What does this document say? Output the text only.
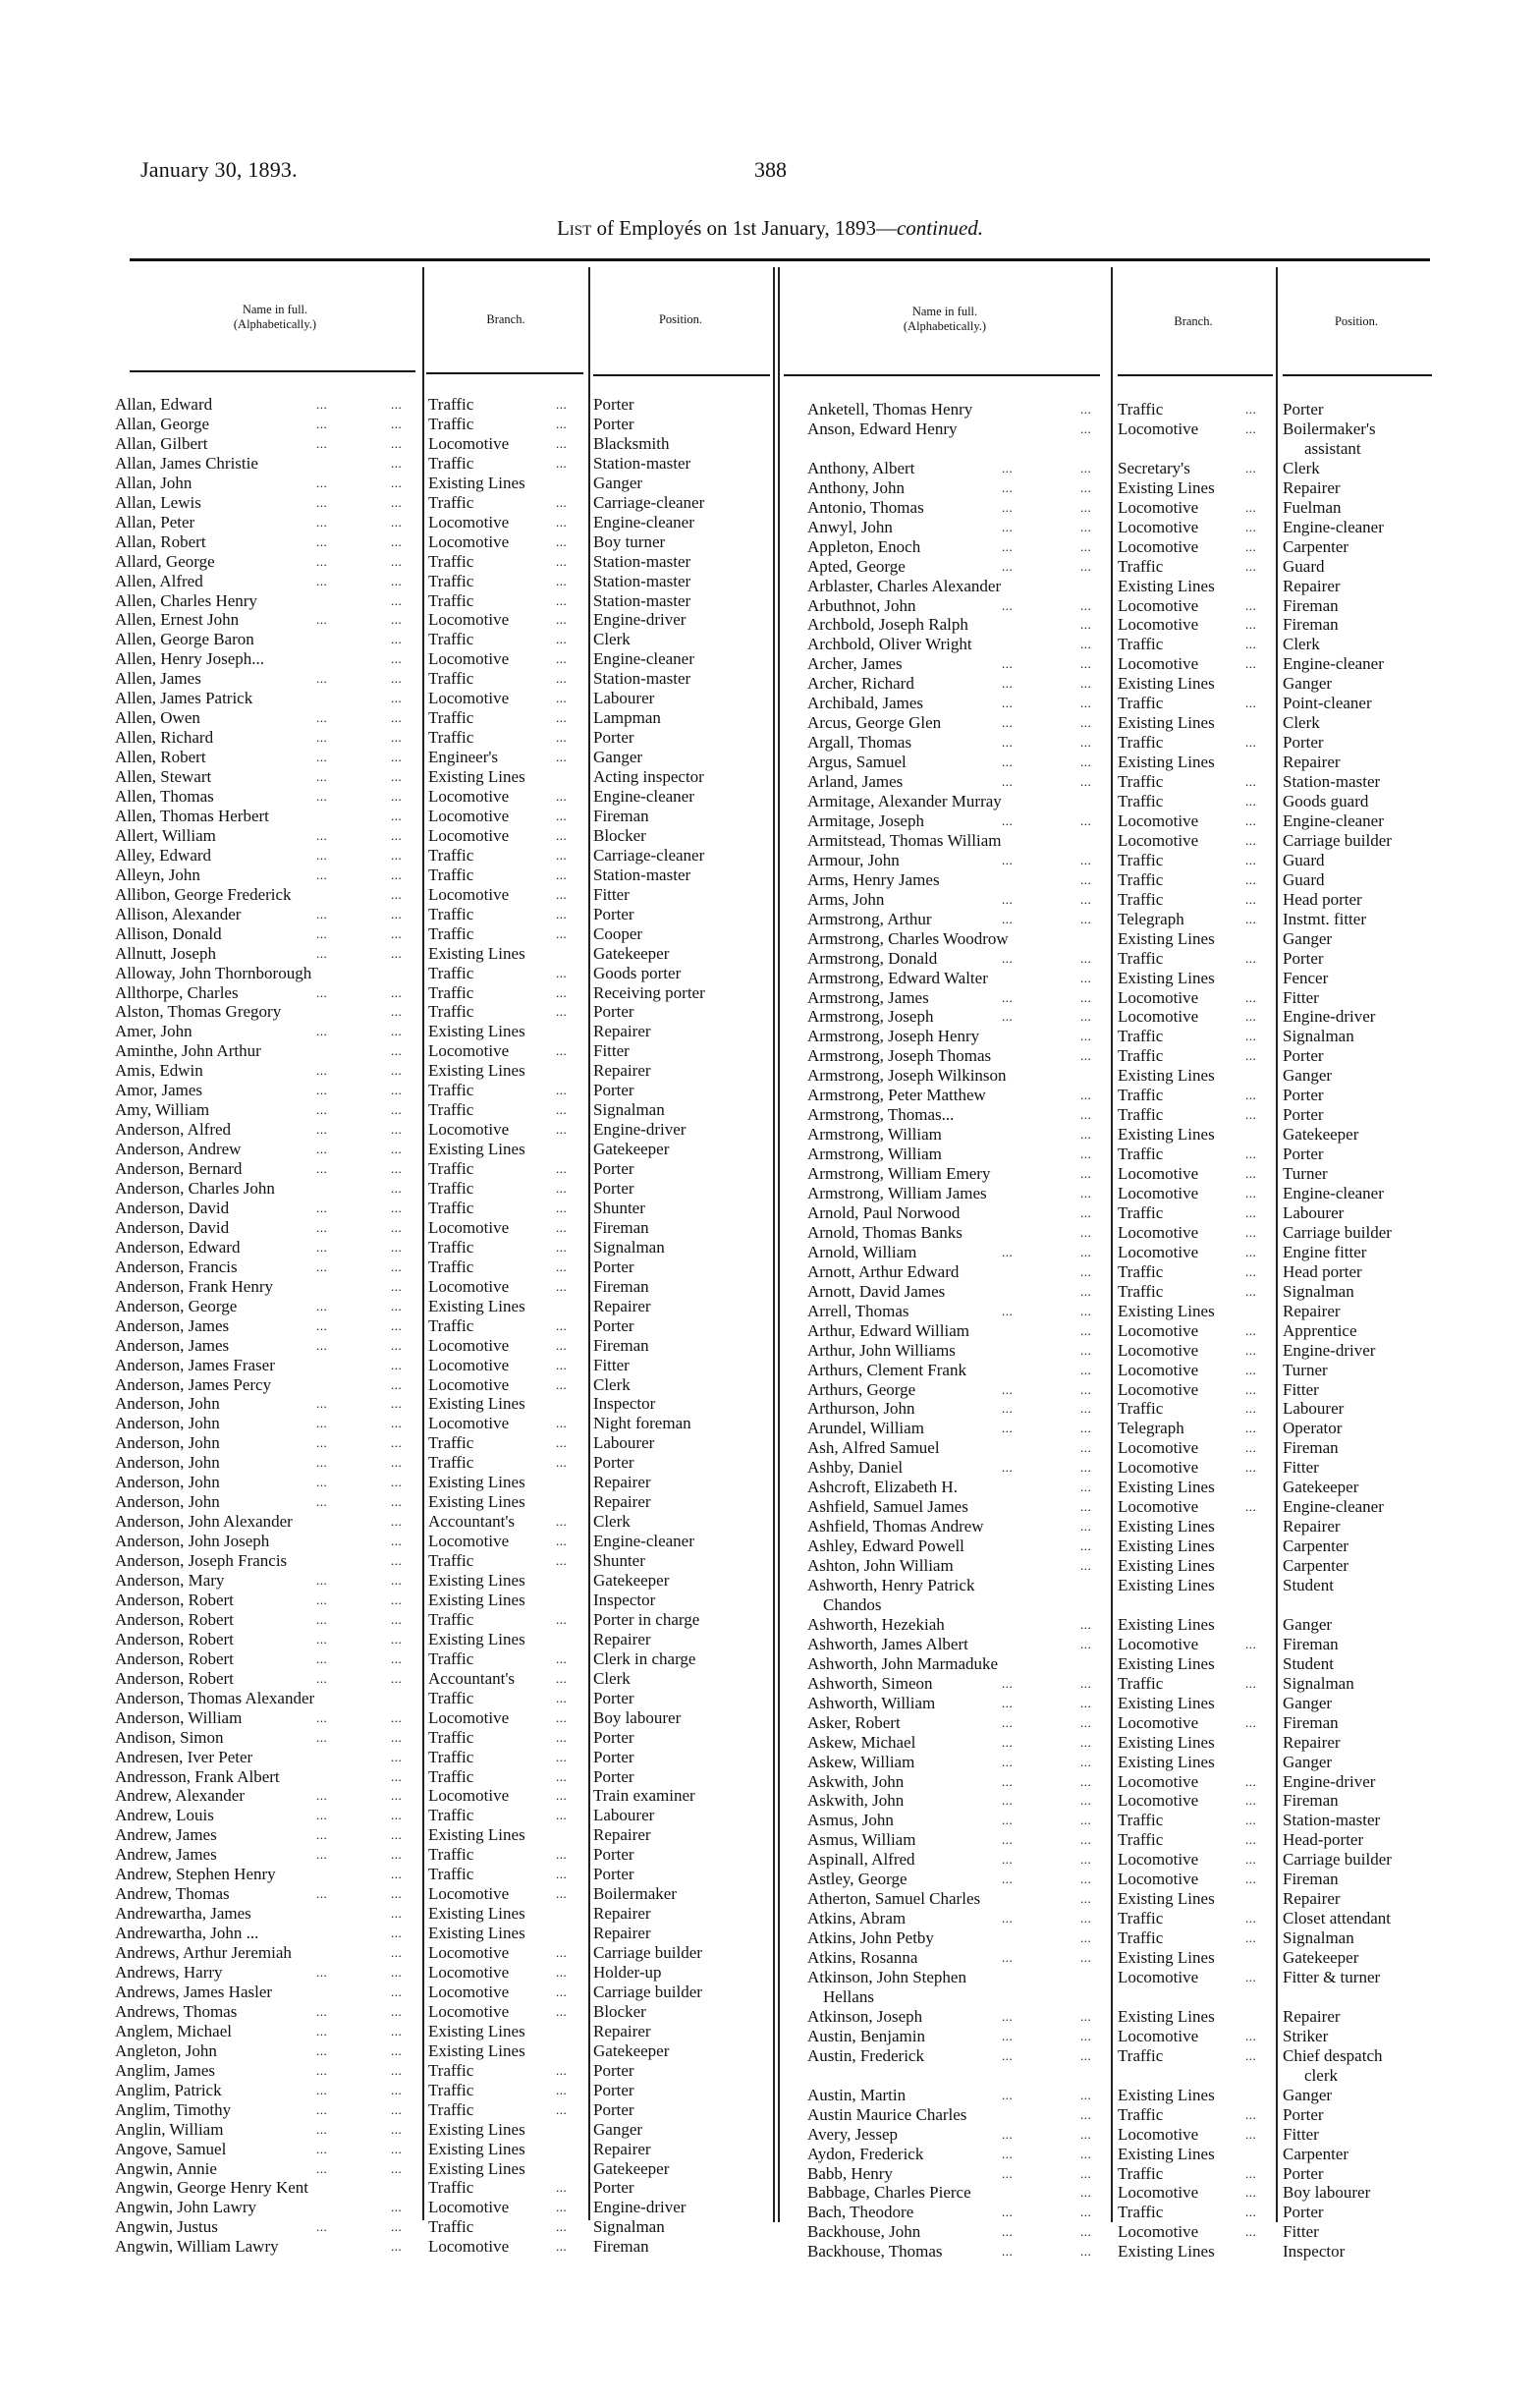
January 30, 1893.	388
List of Employés on 1st January, 1893—continued.
Name in full.
(Alphabetically.)	Branch.	Position.
Name in full.
(Alphabetically.)	Branch.	Position.
Allan, Edward	...	... Traffic	... Porter
Allan, George	...	... Traffic	... Porter
Allan, Gilbert	...	... Locomotive	... Blacksmith
Allan, James Christie	... Traffic	... Station-master
Allan, John	...	... Existing Lines	Ganger
Allan, Lewis	...	... Traffic	... Carriage-cleaner
Allan, Peter	...	... Locomotive	... Engine-cleaner
Allan, Robert	...	... Locomotive	... Boy turner
Allard, George	...	... Traffic	... Station-master
Allen, Alfred	...	... Traffic	... Station-master
Allen, Charles Henry	... Traffic	... Station-master
Allen, Ernest John	...	... Locomotive	... Engine-driver
Allen, George Baron	... Traffic	... Clerk
Allen, Henry Joseph...	... Locomotive	... Engine-cleaner
Allen, James	...	... Traffic	... Station-master
Allen, James Patrick	... Locomotive	... Labourer
Allen, Owen	...	... Traffic	... Lampman
Allen, Richard	...	... Traffic	... Porter
Allen, Robert	...	... Engineer's	... Ganger
Allen, Stewart	...	... Existing Lines	Acting inspector
Allen, Thomas	...	... Locomotive	... Engine-cleaner
Allen, Thomas Herbert	... Locomotive	... Fireman
Allert, William	...	... Locomotive	... Blocker
Alley, Edward	...	... Traffic	... Carriage-cleaner
Alleyn, John	...	... Traffic	... Station-master
Allibon, George Frederick	... Locomotive	... Fitter
Allison, Alexander	...	... Traffic	... Porter
Allison, Donald	...	... Traffic	... Cooper
Allnutt, Joseph	...	... Existing Lines	Gatekeeper
Alloway, John Thornborough	Traffic	... Goods porter
Allthorpe, Charles	...	... Traffic	... Receiving porter
Alston, Thomas Gregory	... Traffic	... Porter
Amer, John	...	... Existing Lines	Repairer
Aminthe, John Arthur	... Locomotive	... Fitter
Amis, Edwin	...	... Existing Lines	Repairer
Amor, James	...	... Traffic	... Porter
Amy, William	...	... Traffic	... Signalman
Anderson, Alfred	...	... Locomotive	... Engine-driver
Anderson, Andrew	...	... Existing Lines	Gatekeeper
Anderson, Bernard	...	... Traffic	... Porter
Anderson, Charles John	... Traffic	... Porter
Anderson, David	...	... Traffic	... Shunter
Anderson, David	...	... Locomotive	... Fireman
Anderson, Edward	...	... Traffic	... Signalman
Anderson, Francis	...	... Traffic	... Porter
Anderson, Frank Henry	... Locomotive	... Fireman
Anderson, George	...	... Existing Lines	Repairer
Anderson, James	...	... Traffic	... Porter
Anderson, James	...	... Locomotive	... Fireman
Anderson, James Fraser	... Locomotive	... Fitter
Anderson, James Percy	... Locomotive	... Clerk
Anderson, John	...	... Existing Lines	Inspector
Anderson, John	...	... Locomotive	... Night foreman
Anderson, John	...	... Traffic	... Labourer
Anderson, John	...	... Traffic	... Porter
Anderson, John	...	... Existing Lines	Repairer
Anderson, John	...	... Existing Lines	Repairer
Anderson, John Alexander	... Accountant's	... Clerk
Anderson, John Joseph	... Locomotive	... Engine-cleaner
Anderson, Joseph Francis	... Traffic	... Shunter
Anderson, Mary	...	... Existing Lines	Gatekeeper
Anderson, Robert	...	... Existing Lines	Inspector
Anderson, Robert	...	... Traffic	... Porter in charge
Anderson, Robert	...	... Existing Lines	Repairer
Anderson, Robert	...	... Traffic	... Clerk in charge
Anderson, Robert	...	... Accountant's	... Clerk
Anderson, Thomas Alexander	Traffic	... Porter
Anderson, William	...	... Locomotive	... Boy labourer
Andison, Simon	...	... Traffic	... Porter
Andresen, Iver Peter	... Traffic	... Porter
Andresson, Frank Albert	... Traffic	... Porter
Andrew, Alexander	...	... Locomotive	... Train examiner
Andrew, Louis	...	... Traffic	... Labourer
Andrew, James	...	... Existing Lines	Repairer
Andrew, James	...	... Traffic	... Porter
Andrew, Stephen Henry	... Traffic	... Porter
Andrew, Thomas	...	... Locomotive	... Boilermaker
Andrewartha, James	... Existing Lines	Repairer
Andrewartha, John ...	... Existing Lines	Repairer
Andrews, Arthur Jeremiah	... Locomotive	... Carriage builder
Andrews, Harry	...	... Locomotive	... Holder-up
Andrews, James Hasler	... Locomotive	... Carriage builder
Andrews, Thomas	...	... Locomotive	... Blocker
Anglem, Michael	...	... Existing Lines	Repairer
Angleton, John	...	... Existing Lines	Gatekeeper
Anglim, James	...	... Traffic	... Porter
Anglim, Patrick	...	... Traffic	... Porter
Anglim, Timothy	...	... Traffic	... Porter
Anglin, William	...	... Existing Lines	Ganger
Angove, Samuel	...	... Existing Lines	Repairer
Angwin, Annie	...	... Existing Lines	Gatekeeper
Angwin, George Henry Kent	Traffic	... Porter
Angwin, John Lawry	... Locomotive	... Engine-driver
Angwin, Justus	...	... Traffic	... Signalman
Angwin, William Lawry	... Locomotive	... Fireman
Anketell, Thomas Henry	... Traffic	... Porter
Anson, Edward Henry	... Locomotive	... Boilermaker's
assistant
Anthony, Albert	...	... Secretary's	... Clerk
Anthony, John	...	... Existing Lines	Repairer
Antonio, Thomas	...	... Locomotive	... Fuelman
Anwyl, John	...	... Locomotive	... Engine-cleaner
Appleton, Enoch	...	... Locomotive	... Carpenter
Apted, George	...	... Traffic	... Guard
Arblaster, Charles Alexander	Existing Lines	Repairer
Arbuthnot, John	...	... Locomotive	... Fireman
Archbold, Joseph Ralph	... Locomotive	... Fireman
Archbold, Oliver Wright	... Traffic	... Clerk
Archer, James	...	... Locomotive	... Engine-cleaner
Archer, Richard	...	... Existing Lines	Ganger
Archibald, James	...	... Traffic	... Point-cleaner
Arcus, George Glen	...	... Existing Lines	Clerk
Argall, Thomas	...	... Traffic	... Porter
Argus, Samuel	...	... Existing Lines	Repairer
Arland, James	...	... Traffic	... Station-master
Armitage, Alexander Murray	Traffic	... Goods guard
Armitage, Joseph	...	... Locomotive	... Engine-cleaner
Armitstead, Thomas William	Locomotive	... Carriage builder
Armour, John	...	... Traffic	... Guard
Arms, Henry James	... Traffic	... Guard
Arms, John	...	... Traffic	... Head porter
Armstrong, Arthur	...	... Telegraph	... Instmt. fitter
Armstrong, Charles Woodrow	Existing Lines	Ganger
Armstrong, Donald	...	... Traffic	... Porter
Armstrong, Edward Walter	... Existing Lines	Fencer
Armstrong, James	...	... Locomotive	... Fitter
Armstrong, Joseph	...	... Locomotive	... Engine-driver
Armstrong, Joseph Henry	... Traffic	... Signalman
Armstrong, Joseph Thomas	... Traffic	... Porter
Armstrong, Joseph Wilkinson	Existing Lines	Ganger
Armstrong, Peter Matthew	... Traffic	... Porter
Armstrong, Thomas...	... Traffic	... Porter
Armstrong, William	... Existing Lines	Gatekeeper
Armstrong, William	... Traffic	... Porter
Armstrong, William Emery	... Locomotive	... Turner
Armstrong, William James	... Locomotive	... Engine-cleaner
Arnold, Paul Norwood	... Traffic	... Labourer
Arnold, Thomas Banks	... Locomotive	... Carriage builder
Arnold, William	...	... Locomotive	... Engine fitter
Arnott, Arthur Edward	... Traffic	... Head porter
Arnott, David James	... Traffic	... Signalman
Arrell, Thomas	...	... Existing Lines	Repairer
Arthur, Edward William	... Locomotive	... Apprentice
Arthur, John Williams	... Locomotive	... Engine-driver
Arthurs, Clement Frank	... Locomotive	... Turner
Arthurs, George	...	... Locomotive	... Fitter
Arthurson, John	...	... Traffic	... Labourer
Arundel, William	...	... Telegraph	... Operator
Ash, Alfred Samuel	... Locomotive	... Fireman
Ashby, Daniel	...	... Locomotive	... Fitter
Ashcroft, Elizabeth H.	... Existing Lines	Gatekeeper
Ashfield, Samuel James	... Locomotive	... Engine-cleaner
Ashfield, Thomas Andrew	... Existing Lines	Repairer
Ashley, Edward Powell	... Existing Lines	Carpenter
Ashton, John William	... Existing Lines	Carpenter
Ashworth, Henry Patrick	Existing Lines	Student
Chandos
Ashworth, Hezekiah	... Existing Lines	Ganger
Ashworth, James Albert	... Locomotive	... Fireman
Ashworth, John Marmaduke	Existing Lines	Student
Ashworth, Simeon	...	... Traffic	... Signalman
Ashworth, William	...	... Existing Lines	Ganger
Asker, Robert	...	... Locomotive	... Fireman
Askew, Michael	...	... Existing Lines	Repairer
Askew, William	...	... Existing Lines	Ganger
Askwith, John	...	... Locomotive	... Engine-driver
Askwith, John	...	... Locomotive	... Fireman
Asmus, John	...	... Traffic	... Station-master
Asmus, William	...	... Traffic	... Head-porter
Aspinall, Alfred	...	... Locomotive	... Carriage builder
Astley, George	...	... Locomotive	... Fireman
Atherton, Samuel Charles	... Existing Lines	Repairer
Atkins, Abram	...	... Traffic	... Closet attendant
Atkins, John Petby	... Traffic	... Signalman
Atkins, Rosanna	...	... Existing Lines	Gatekeeper
Atkinson, John Stephen	Locomotive	... Fitter & turner
Hellans
Atkinson, Joseph	...	... Existing Lines	Repairer
Austin, Benjamin	...	... Locomotive	... Striker
Austin, Frederick	...	... Traffic	... Chief despatch
clerk
Austin, Martin	...	... Existing Lines	Ganger
Austin Maurice Charles	... Traffic	... Porter
Avery, Jessep	...	... Locomotive	... Fitter
Aydon, Frederick	...	... Existing Lines	Carpenter
Babb, Henry	...	... Traffic	... Porter
Babbage, Charles Pierce	... Locomotive	... Boy labourer
Bach, Theodore	...	... Traffic	... Porter
Backhouse, John	...	... Locomotive	... Fitter
Backhouse, Thomas	...	... Existing Lines	Inspector
